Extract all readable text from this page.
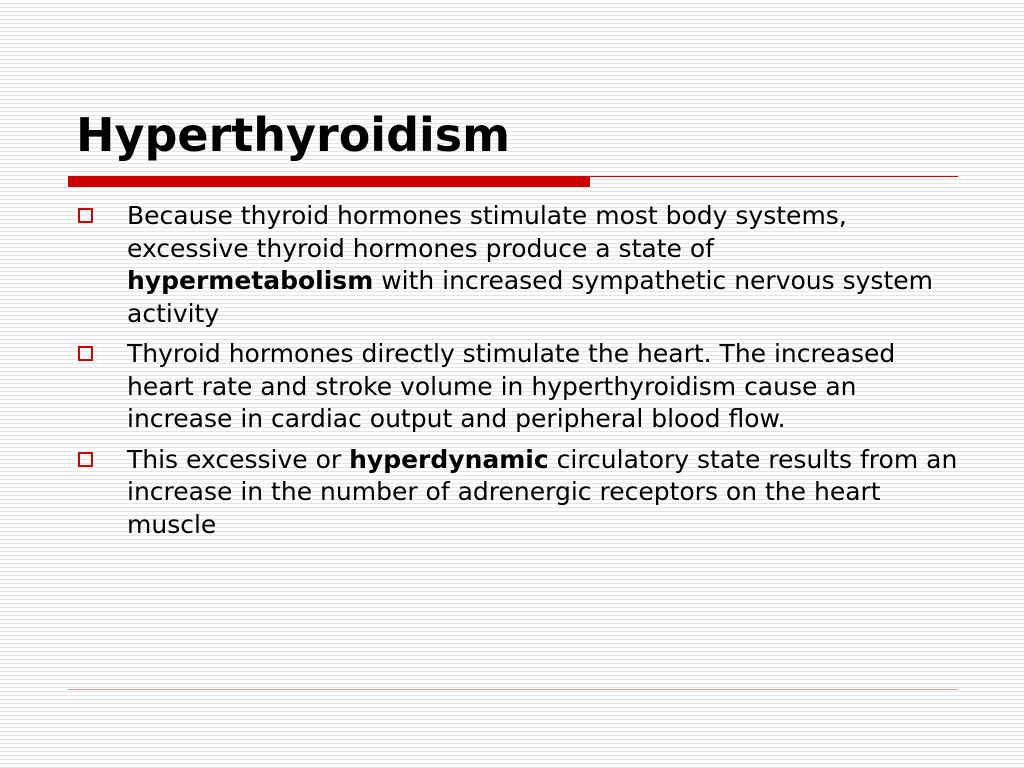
Hyperthyroidism
Because thyroid hormones stimulate most body systems, excessive thyroid hormones produce a state of hypermetabolism with increased sympathetic nervous system activity
Thyroid hormones directly stimulate the heart. The increased heart rate and stroke volume in hyperthyroidism cause an increase in cardiac output and peripheral blood flow.
This excessive or hyperdynamic circulatory state results from an increase in the number of adrenergic receptors on the heart muscle
